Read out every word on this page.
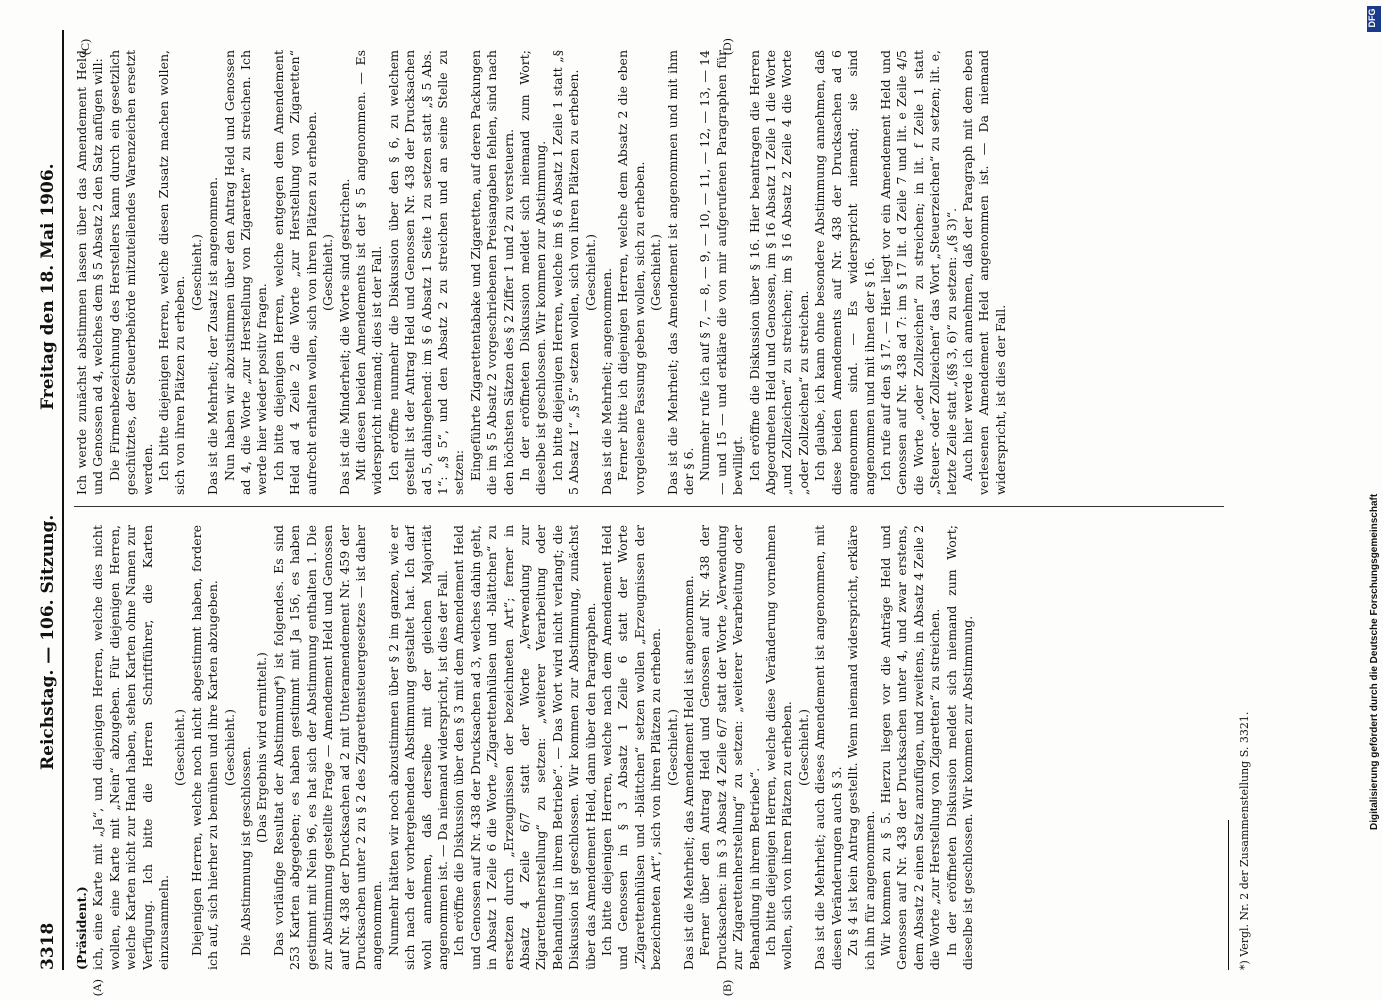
3318
Reichstag. — 106. Sitzung.
Freitag den 18. Mai 1906.

(Präsident.) ich, eine Karte mit „Ja“, und diejenigen Herren, welche dies nicht wollen, eine Karte mit „Nein“ abzugeben. Für diejenigen Herren, welche Karten nicht zur Hand haben, stehen Karten ohne Namen zur Verfügung. Ich bitte die Herren Schriftführer, die Karten einzusammeln.

(Geschieht.) Diejenigen Herren, welche noch nicht abgestimmt haben, fordere ich auf, sich hierher zu bemühen und ihre Karten abzugeben. (Geschieht.) Die Abstimmung ist geschlossen. (Das Ergebnis wird ermittelt.) Das vorläufige Resultat der Abstimmung*) ist folgendes. Es sind 253 Karten abgegeben; es haben gestimmt mit Ja 156, es haben gestimmt mit Nein 96, es hat sich der Abstimmung enthalten 1. Die zur Abstimmung gestellte Frage — Amendement Held und Genossen auf Nr. 438 der Drucksachen ad 2 mit Unteramendement Nr. 459 der Drucksachen unter 2 zu § 2 des Zigarettensteuergesetzes — ist daher angenommen. Nunmehr hätten wir noch abzustimmen über § 2 im ganzen, wie er sich nach der vorhergehenden Abstimmung gestaltet hat. Ich darf wohl annehmen, daß derselbe mit der gleichen Majorität angenommen ist. — Da niemand widerspricht, ist dies der Fall. Ich eröffne die Diskussion über den § 3 mit dem Amendement Held und Genossen auf Nr. 438 der Drucksachen ad 3, welches dahin geht, in Absatz 1 Zeile 6 die Worte „Zigarettenhülsen und -blättchen“ zu ersetzen durch „Erzeugnissen der bezeichneten Art“; ferner in Absatz 4 Zeile 6/7 statt der Worte „Verwendung zur Zigarettenherstellung“ zu setzen: „weiterer Verarbeitung oder Behandlung in ihrem Betriebe“. — Das Wort wird nicht verlangt; die Diskussion ist geschlossen. Wir kommen zur Abstimmung, zunächst über das Amendement Held, dann über den Paragraphen. Ich bitte diejenigen Herren, welche nach dem Amendement Held und Genossen in § 3 Absatz 1 Zeile 6 statt der Worte „Zigarettenhülsen und -blättchen“ setzen wollen „Erzeugnissen der bezeichneten Art“, sich von ihren Plätzen zu erheben. (Geschieht.) Das ist die Mehrheit; das Amendement Held ist angenommen. Ferner über den Antrag Held und Genossen auf Nr. 438 der Drucksachen: im § 3 Absatz 4 Zeile 6/7 statt der Worte „Verwendung zur Zigarettenherstellung“ zu setzen: „weiterer Verarbeitung oder Behandlung in ihrem Betriebe“. Ich bitte diejenigen Herren, welche diese Veränderung vornehmen wollen, sich von ihren Plätzen zu erheben. (Geschieht.) Das ist die Mehrheit; auch dieses Amendement ist angenommen, mit diesen Veränderungen auch § 3. Zu § 4 ist kein Antrag gestellt. Wenn niemand widerspricht, erkläre ich ihn für angenommen. Wir kommen zu § 5. Hierzu liegen vor die Anträge Held und Genossen auf Nr. 438 der Drucksachen unter 4, und zwar erstens, dem Absatz 2 einen Satz anzufügen, und zweitens, in Absatz 4 Zeile 2 die Worte „zur Herstellung von Zigaretten“ zu streichen. In der eröffneten Diskussion meldet sich niemand zum Wort; dieselbe ist geschlossen. Wir kommen zur Abstimmung.

Ich werde zunächst abstimmen lassen über das Amendement Held und Genossen ad 4, welches dem § 5 Absatz 2 den Satz anfügen will: Die Firmenbezeichnung des Herstellers kann durch ein gesetzlich geschütztes, der Steuerbehörde mitzuteilendes Warenzeichen ersetzt werden. Ich bitte diejenigen Herren, welche diesen Zusatz machen wollen, sich von ihren Plätzen zu erheben.

(Geschieht.) Das ist die Mehrheit; der Zusatz ist angenommen. Nun haben wir abzustimmen über den Antrag Held und Genossen ad 4, die Worte „zur Herstellung von Zigaretten“ zu streichen. Ich werde hier wieder positiv fragen. Ich bitte diejenigen Herren, welche entgegen dem Amendement Held ad 4 Zeile 2 die Worte „zur Herstellung von Zigaretten“ aufrecht erhalten wollen, sich von ihren Plätzen zu erheben. (Geschieht.) Das ist die Minderheit; die Worte sind gestrichen. Mit diesen beiden Amendements ist der § 5 angenommen. — Es widerspricht niemand; dies ist der Fall. Ich eröffne nunmehr die Diskussion über den § 6, zu welchem gestellt ist der Antrag Held und Genossen Nr. 438 der Drucksachen ad 5, dahingehend: im § 6 Absatz 1 Seite 1 zu setzen statt „§ 5 Abs. 1“: „§ 5“, und den Absatz 2 zu streichen und an seine Stelle zu setzen: Eingeführte Zigarettentabake und Zigaretten, auf deren Packungen die im § 5 Absatz 2 vorgeschriebenen Preisangaben fehlen, sind nach den höchsten Sätzen des § 2 Ziffer 1 und 2 zu versteuern. In der eröffneten Diskussion meldet sich niemand zum Wort; dieselbe ist geschlossen. Wir kommen zur Abstimmung. Ich bitte diejenigen Herren, welche im § 6 Absatz 1 Zeile 1 statt „§ 5 Absatz 1“ „§ 5“ setzen wollen, sich von ihren Plätzen zu erheben. (Geschieht.) Das ist die Mehrheit; angenommen. Ferner bitte ich diejenigen Herren, welche dem Absatz 2 die eben vorgelesene Fassung geben wollen, sich zu erheben. (Geschieht.) Das ist die Mehrheit; das Amendement ist angenommen und mit ihm der § 6. Nunmehr rufe ich auf § 7, — 8, — 9, — 10, — 11, — 12, — 13, — 14 — und 15 — und erkläre die von mir aufgerufenen Paragraphen für bewilligt. Ich eröffne die Diskussion über § 16. Hier beantragen die Herren Abgeordneten Held und Genossen, im § 16 Absatz 1 Zeile 1 die Worte „und Zollzeichen“ zu streichen; im § 16 Absatz 2 Zeile 4 die Worte „oder Zollzeichen“ zu streichen. Ich glaube, ich kann ohne besondere Abstimmung annehmen, daß diese beiden Amendements auf Nr. 438 der Drucksachen ad 6 angenommen sind. — Es widerspricht niemand; sie sind angenommen und mit ihnen der § 16. Ich rufe auf den § 17. — Hier liegt vor ein Amendement Held und Genossen auf Nr. 438 ad 7: im § 17 lit. d Zeile 7 und lit. e Zeile 4/5 die Worte „oder Zollzeichen“ zu streichen; in lit. f Zeile 1 statt „Steuer- oder Zollzeichen“ das Wort „Steuerzeichen“ zu setzen; lit. e, letzte Zeile statt „(§§ 3, 6)“ zu setzen: „(§ 3)“. Auch hier werde ich annehmen, daß der Paragraph mit dem eben verlesenen Amendement Held angenommen ist. — Da niemand widerspricht, ist dies der Fall.

*) Vergl. Nr. 2 der Zusammenstellung S. 3321.
(A)	(B)
(C)	(D)
DFG
Digitalisierung gefördert durch die Deutsche Forschungsgemeinschaft
